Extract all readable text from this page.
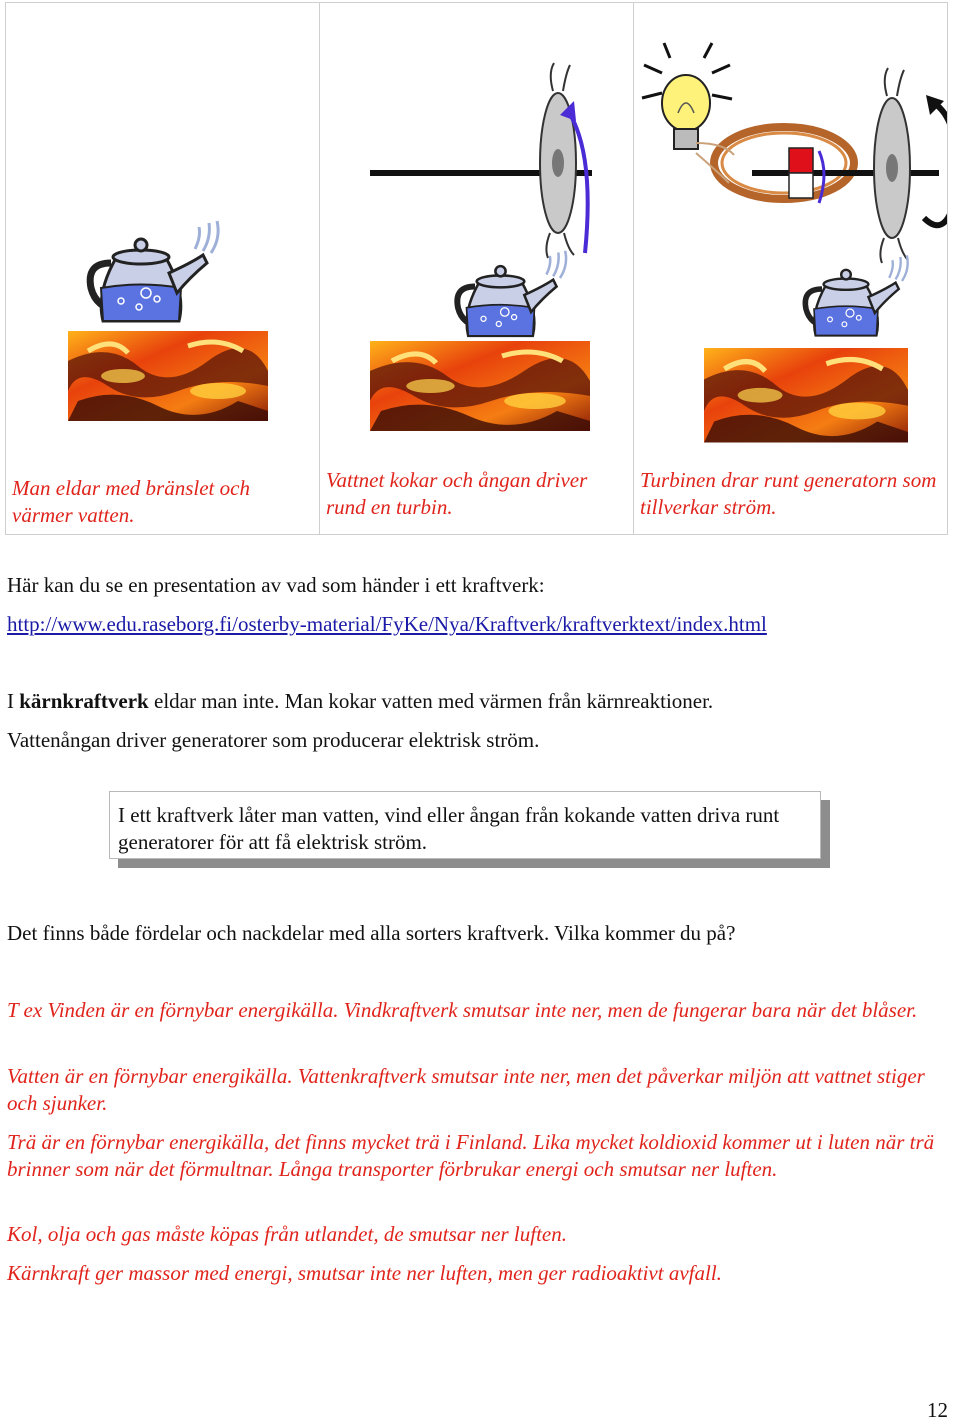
Man eldar med bränslet och värmer vatten.
Vattnet kokar och ångan driver rund en turbin.
Turbinen drar runt generatorn som tillverkar ström.
Här kan du se en presentation av vad som händer i ett kraftverk:
http://www.edu.raseborg.fi/osterby-material/FyKe/Nya/Kraftverk/kraftverktext/index.html
I kärnkraftverk eldar man inte. Man kokar vatten med värmen från kärnreaktioner.
Vattenångan driver generatorer som producerar elektrisk ström.
I ett kraftverk låter man vatten, vind eller ångan från kokande vatten driva runt generatorer för att få elektrisk ström.
Det finns både fördelar och nackdelar med alla sorters kraftverk. Vilka kommer du på?
T ex Vinden är en förnybar energikälla. Vindkraftverk smutsar inte ner, men de fungerar bara när det blåser.
Vatten är en förnybar energikälla. Vattenkraftverk smutsar inte ner, men det påverkar miljön att vattnet stiger och sjunker.
Trä är en förnybar energikälla, det finns mycket trä i Finland. Lika mycket koldioxid kommer ut i luten när trä brinner som när det förmultnar. Långa transporter förbrukar energi och smutsar ner luften.
Kol, olja och gas måste köpas från utlandet, de smutsar ner luften.
Kärnkraft ger massor med energi, smutsar inte ner luften, men ger radioaktivt avfall.
12
